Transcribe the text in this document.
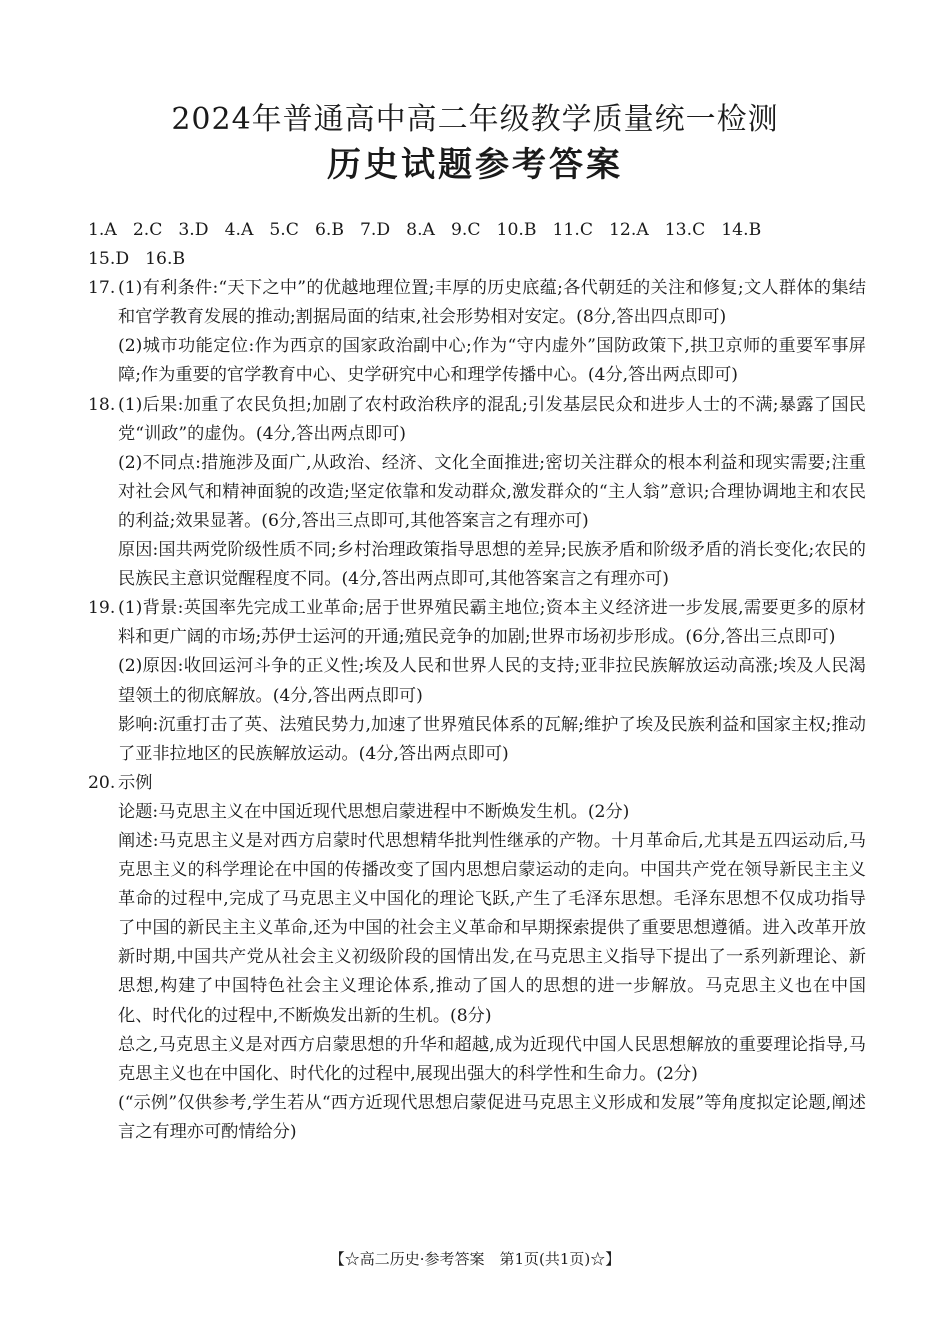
2024年普通高中高二年级教学质量统一检测
历史试题参考答案
1.A 2.C 3.D 4.A 5.C 6.B 7.D 8.A 9.C 10.B 11.C 12.A 13.C 14.B
15.D 16.B
17. (1)有利条件:“天下之中”的优越地理位置;丰厚的历史底蕴;各代朝廷的关注和修复;文人群体的集结和官学教育发展的推动;割据局面的结束,社会形势相对安定。(8分,答出四点即可)
(2)城市功能定位:作为西京的国家政治副中心;作为“守内虚外”国防政策下,拱卫京师的重要军事屏障;作为重要的官学教育中心、史学研究中心和理学传播中心。(4分,答出两点即可)
18. (1)后果:加重了农民负担;加剧了农村政治秩序的混乱;引发基层民众和进步人士的不满;暴露了国民党“训政”的虚伪。(4分,答出两点即可)
(2)不同点:措施涉及面广,从政治、经济、文化全面推进;密切关注群众的根本利益和现实需要;注重对社会风气和精神面貌的改造;坚定依靠和发动群众,激发群众的“主人翁”意识;合理协调地主和农民的利益;效果显著。(6分,答出三点即可,其他答案言之有理亦可)
原因:国共两党阶级性质不同;乡村治理政策指导思想的差异;民族矛盾和阶级矛盾的消长变化;农民的民族民主意识觉醒程度不同。(4分,答出两点即可,其他答案言之有理亦可)
19. (1)背景:英国率先完成工业革命;居于世界殖民霸主地位;资本主义经济进一步发展,需要更多的原材料和更广阔的市场;苏伊士运河的开通;殖民竞争的加剧;世界市场初步形成。(6分,答出三点即可)
(2)原因:收回运河斗争的正义性;埃及人民和世界人民的支持;亚非拉民族解放运动高涨;埃及人民渴望领土的彻底解放。(4分,答出两点即可)
影响:沉重打击了英、法殖民势力,加速了世界殖民体系的瓦解;维护了埃及民族利益和国家主权;推动了亚非拉地区的民族解放运动。(4分,答出两点即可)
20. 示例
论题:马克思主义在中国近现代思想启蒙进程中不断焕发生机。(2分)
阐述:马克思主义是对西方启蒙时代思想精华批判性继承的产物。十月革命后,尤其是五四运动后,马克思主义的科学理论在中国的传播改变了国内思想启蒙运动的走向。中国共产党在领导新民主主义革命的过程中,完成了马克思主义中国化的理论飞跃,产生了毛泽东思想。毛泽东思想不仅成功指导了中国的新民主主义革命,还为中国的社会主义革命和早期探索提供了重要思想遵循。进入改革开放新时期,中国共产党从社会主义初级阶段的国情出发,在马克思主义指导下提出了一系列新理论、新思想,构建了中国特色社会主义理论体系,推动了国人的思想的进一步解放。马克思主义也在中国化、时代化的过程中,不断焕发出新的生机。(8分)
总之,马克思主义是对西方启蒙思想的升华和超越,成为近现代中国人民思想解放的重要理论指导,马克思主义也在中国化、时代化的过程中,展现出强大的科学性和生命力。(2分)
(“示例”仅供参考,学生若从“西方近现代思想启蒙促进马克思主义形成和发展”等角度拟定论题,阐述言之有理亦可酌情给分)
【☆高二历史·参考答案　第1页(共1页)☆】
